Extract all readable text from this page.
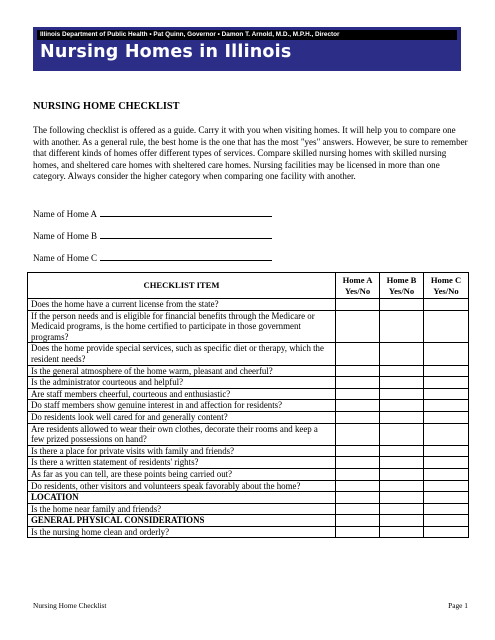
Illinois Department of Public Health • Pat Quinn, Governor • Damon T. Arnold, M.D., M.P.H., Director
Nursing Homes in Illinois
NURSING HOME CHECKLIST
The following checklist is offered as a guide. Carry it with you when visiting homes. It will help you to compare one with another. As a general rule, the best home is the one that has the most "yes" answers. However, be sure to remember that different kinds of homes offer different types of services. Compare skilled nursing homes with skilled nursing homes, and sheltered care homes with sheltered care homes. Nursing facilities may be licensed in more than one category. Always consider the higher category when comparing one facility with another.
Name of Home A
Name of Home B
Name of Home C
CHECKLIST ITEM	Home A Yes/No	Home B Yes/No	Home C Yes/No
Does the home have a current license from the state?			
If the person needs and is eligible for financial benefits through the Medicare or Medicaid programs, is the home certified to participate in those government programs?			
Does the home provide special services, such as specific diet or therapy, which the resident needs?			
Is the general atmosphere of the home warm, pleasant and cheerful?			
Is the administrator courteous and helpful?			
Are staff members cheerful, courteous and enthusiastic?			
Do staff members show genuine interest in and affection for residents?			
Do residents look well cared for and generally content?			
Are residents allowed to wear their own clothes, decorate their rooms and keep a few prized possessions on hand?			
Is there a place for private visits with family and friends?			
Is there a written statement of residents' rights?			
As far as you can tell, are these points being carried out?			
Do residents, other visitors and volunteers speak favorably about the home?			
LOCATION			
Is the home near family and friends?			
GENERAL PHYSICAL CONSIDERATIONS			
Is the nursing home clean and orderly?			
Nursing Home Checklist	Page 1
